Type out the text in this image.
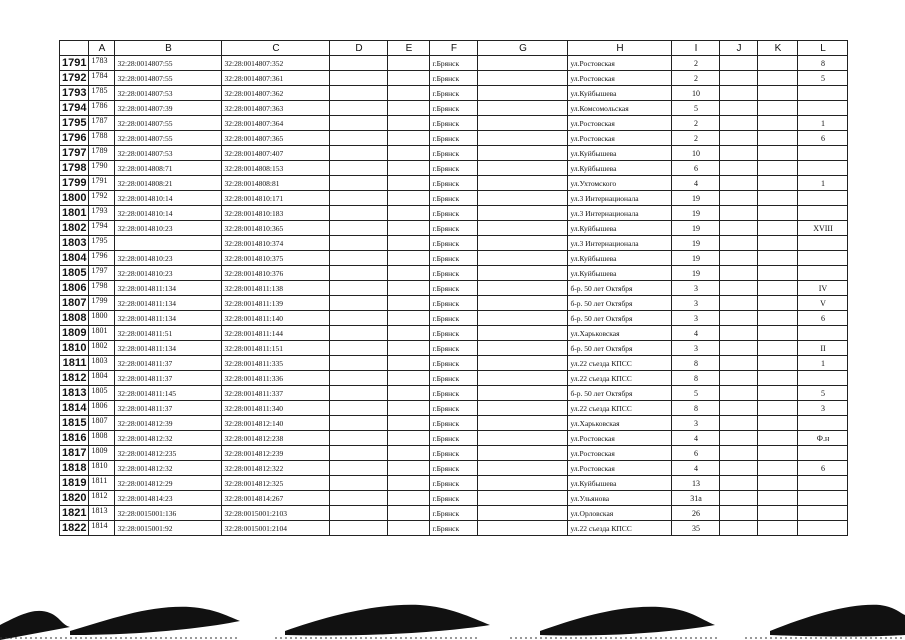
	A	B	C	D	E	F	G	H	I	J	K	L
1791	1783	32:28:0014807:55	32:28:0014807:352			г.Брянск		ул.Ростовская	2			8
1792	1784	32:28:0014807:55	32:28:0014807:361			г.Брянск		ул.Ростовская	2			5
1793	1785	32:28:0014807:53	32:28:0014807:362			г.Брянск		ул.Куйбышева	10			
1794	1786	32:28:0014807:39	32:28:0014807:363			г.Брянск		ул.Комсомольская	5			
1795	1787	32:28:0014807:55	32:28:0014807:364			г.Брянск		ул.Ростовская	2			1
1796	1788	32:28:0014807:55	32:28:0014807:365			г.Брянск		ул.Ростовская	2			6
1797	1789	32:28:0014807:53	32:28:0014807:407			г.Брянск		ул.Куйбышева	10			
1798	1790	32:28:0014808:71	32:28:0014808:153			г.Брянск		ул.Куйбышева	6			
1799	1791	32:28:0014808:21	32:28:0014808:81			г.Брянск		ул.Ухтомского	4			1
1800	1792	32:28:0014810:14	32:28:0014810:171			г.Брянск		ул.3 Интернационала	19			
1801	1793	32:28:0014810:14	32:28:0014810:183			г.Брянск		ул.3 Интернационала	19			
1802	1794	32:28:0014810:23	32:28:0014810:365			г.Брянск		ул.Куйбышева	19			XVIII
1803	1795		32:28:0014810:374			г.Брянск		ул.3 Интернационала	19			
1804	1796	32:28:0014810:23	32:28:0014810:375			г.Брянск		ул.Куйбышева	19			
1805	1797	32:28:0014810:23	32:28:0014810:376			г.Брянск		ул.Куйбышева	19			
1806	1798	32:28:0014811:134	32:28:0014811:138			г.Брянск		б-р. 50 лет Октября	3			IV
1807	1799	32:28:0014811:134	32:28:0014811:139			г.Брянск		б-р. 50 лет Октября	3			V
1808	1800	32:28:0014811:134	32:28:0014811:140			г.Брянск		б-р. 50 лет Октября	3			6
1809	1801	32:28:0014811:51	32:28:0014811:144			г.Брянск		ул.Харьковская	4			
1810	1802	32:28:0014811:134	32:28:0014811:151			г.Брянск		б-р. 50 лет Октября	3			II
1811	1803	32:28:0014811:37	32:28:0014811:335			г.Брянск		ул.22 съезда КПСС	8			1
1812	1804	32:28:0014811:37	32:28:0014811:336			г.Брянск		ул.22 съезда КПСС	8			
1813	1805	32:28:0014811:145	32:28:0014811:337			г.Брянск		б-р. 50 лет Октября	5			5
1814	1806	32:28:0014811:37	32:28:0014811:340			г.Брянск		ул.22 съезда КПСС	8			3
1815	1807	32:28:0014812:39	32:28:0014812:140			г.Брянск		ул.Харьковская	3			
1816	1808	32:28:0014812:32	32:28:0014812:238			г.Брянск		ул.Ростовская	4			Ф.н
1817	1809	32:28:0014812:235	32:28:0014812:239			г.Брянск		ул.Ростовская	6			
1818	1810	32:28:0014812:32	32:28:0014812:322			г.Брянск		ул.Ростовская	4			6
1819	1811	32:28:0014812:29	32:28:0014812:325			г.Брянск		ул.Куйбышева	13			
1820	1812	32:28:0014814:23	32:28:0014814:267			г.Брянск		ул.Ульянова	31а			
1821	1813	32:28:0015001:136	32:28:0015001:2103			г.Брянск		ул.Орловская	26			
1822	1814	32:28:0015001:92	32:28:0015001:2104			г.Брянск		ул.22 съезда КПСС	35			
